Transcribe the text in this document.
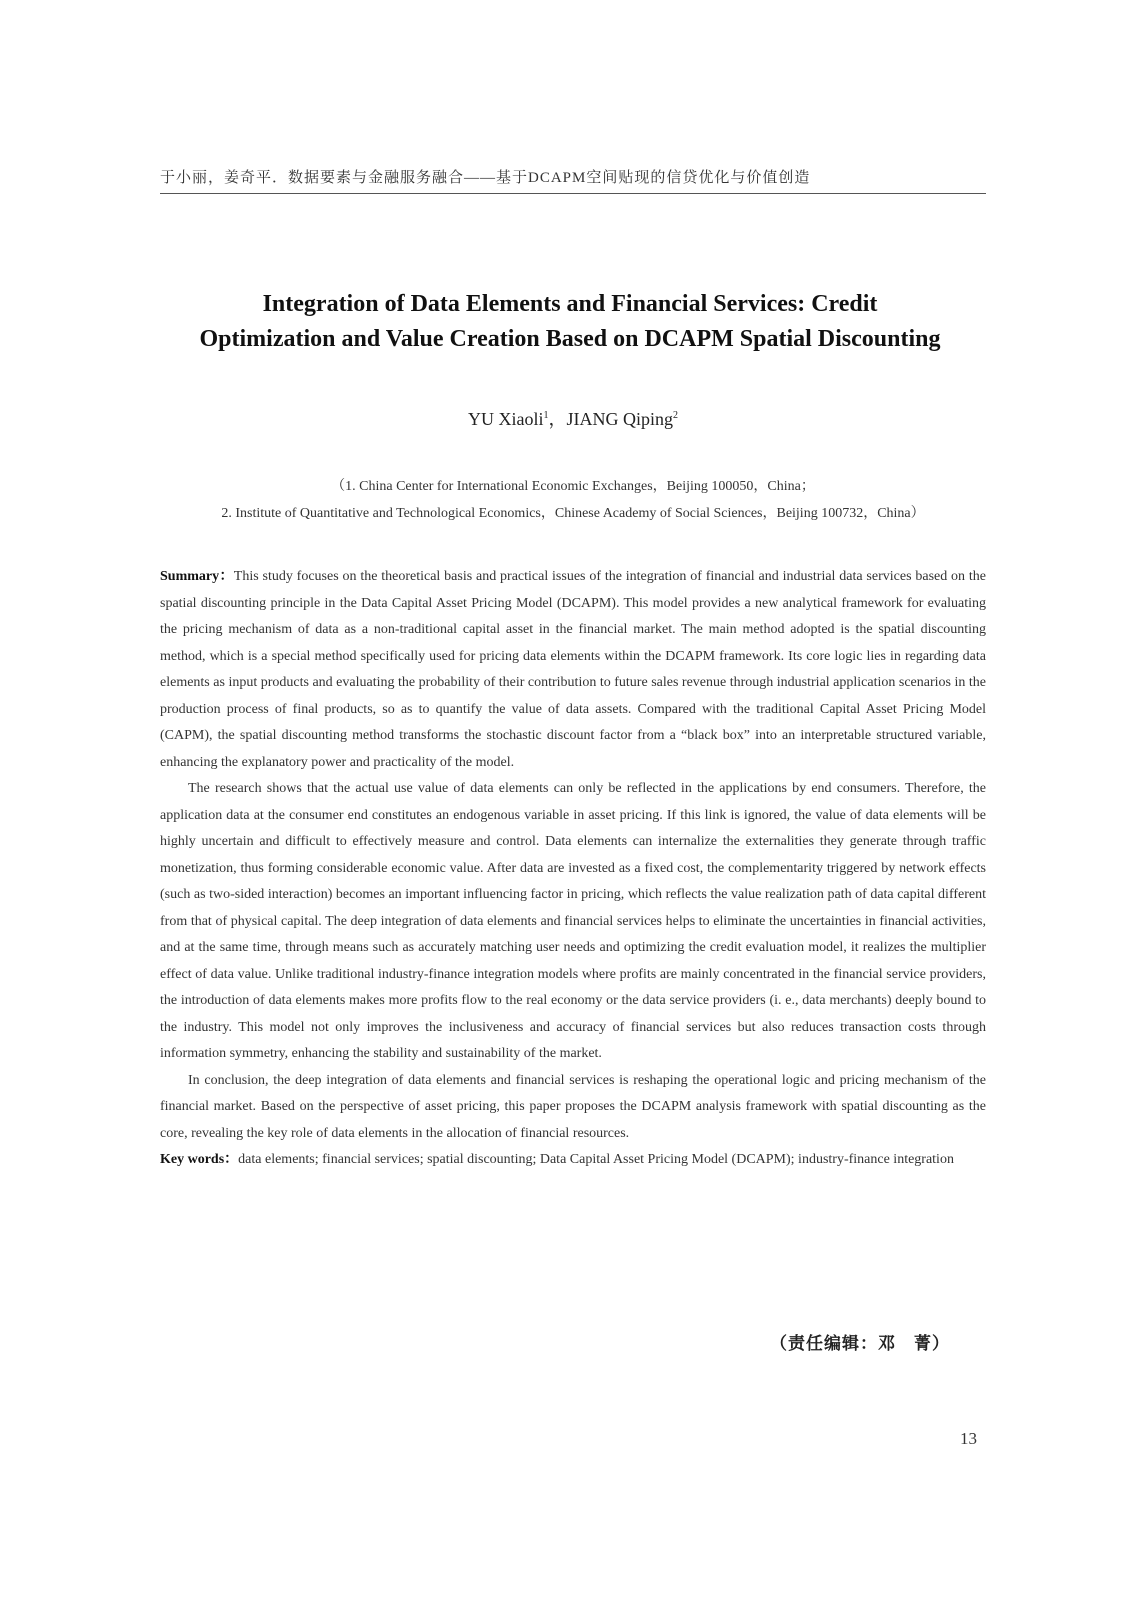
于小丽，姜奇平．数据要素与金融服务融合——基于DCAPM空间贴现的信贷优化与价值创造
Integration of Data Elements and Financial Services: Credit
Optimization and Value Creation Based on DCAPM Spatial Discounting
YU Xiaoli$^1$，JIANG Qiping$^2$
（1. China Center for International Economic Exchanges，Beijing 100050，China；
2. Institute of Quantitative and Technological Economics，Chinese Academy of Social Sciences，Beijing 100732，China）

Summary：This study focuses on the theoretical basis and practical issues of the integration of financial and industrial data services based on the spatial discounting principle in the Data Capital Asset Pricing Model (DCAPM). This model provides a new analytical framework for evaluating the pricing mechanism of data as a non-traditional capital asset in the financial market. The main method adopted is the spatial discounting method, which is a special method specifically used for pricing data elements within the DCAPM framework. Its core logic lies in regarding data elements as input products and evaluating the probability of their contribution to future sales revenue through industrial application scenarios in the production process of final products, so as to quantify the value of data assets. Compared with the traditional Capital Asset Pricing Model (CAPM), the spatial discounting method transforms the stochastic discount factor from a “black box” into an interpretable structured variable, enhancing the explanatory power and practicality of the model.

The research shows that the actual use value of data elements can only be reflected in the applications by end consumers. Therefore, the application data at the consumer end constitutes an endogenous variable in asset pricing. If this link is ignored, the value of data elements will be highly uncertain and difficult to effectively measure and control. Data elements can internalize the externalities they generate through traffic monetization, thus forming considerable economic value. After data are invested as a fixed cost, the complementarity triggered by network effects (such as two-sided interaction) becomes an important influencing factor in pricing, which reflects the value realization path of data capital different from that of physical capital. The deep integration of data elements and financial services helps to eliminate the uncertainties in financial activities, and at the same time, through means such as accurately matching user needs and optimizing the credit evaluation model, it realizes the multiplier effect of data value. Unlike traditional industry-finance integration models where profits are mainly concentrated in the financial service providers, the introduction of data elements makes more profits flow to the real economy or the data service providers (i. e., data merchants) deeply bound to the industry. This model not only improves the inclusiveness and accuracy of financial services but also reduces transaction costs through information symmetry, enhancing the stability and sustainability of the market.

In conclusion, the deep integration of data elements and financial services is reshaping the operational logic and pricing mechanism of the financial market. Based on the perspective of asset pricing, this paper proposes the DCAPM analysis framework with spatial discounting as the core, revealing the key role of data elements in the allocation of financial resources.

Key words：data elements; financial services; spatial discounting; Data Capital Asset Pricing Model (DCAPM); industry-finance integration

（责任编辑：邓　菁）
13
